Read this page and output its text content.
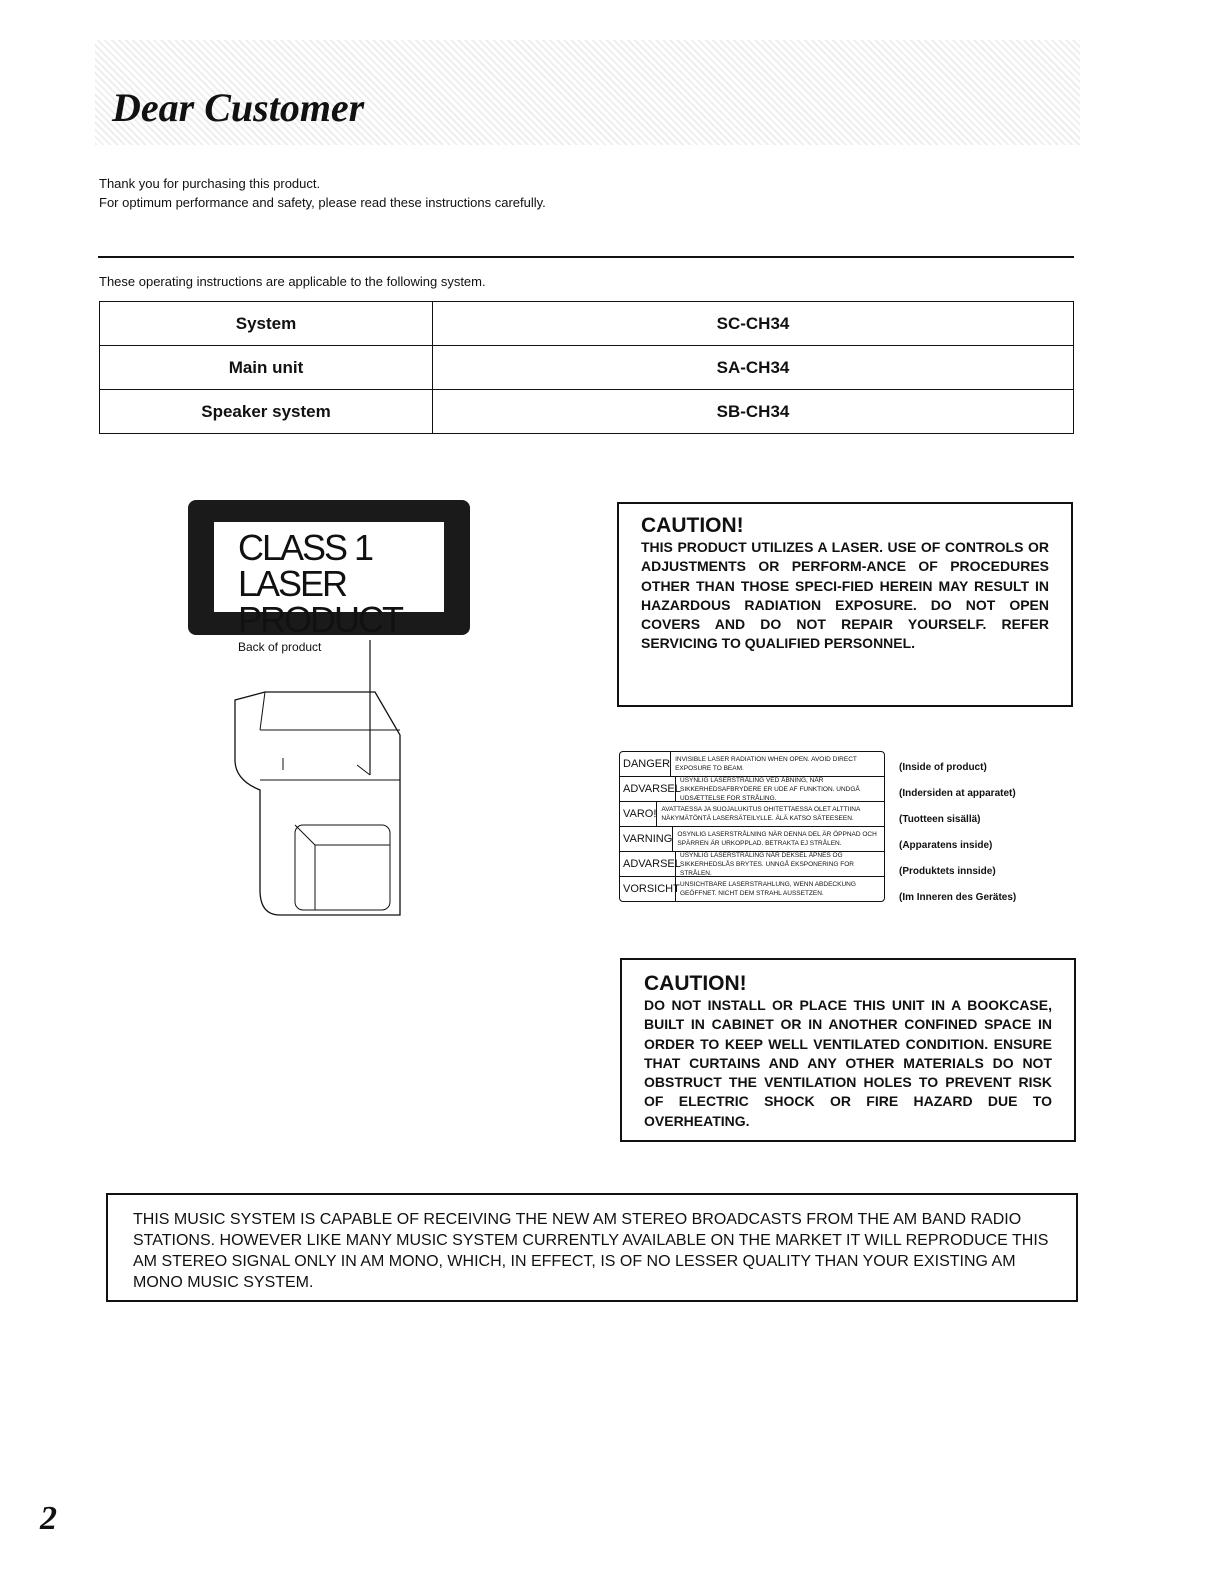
Dear Customer
Thank you for purchasing this product.
For optimum performance and safety, please read these instructions carefully.
These operating instructions are applicable to the following system.
System	SC-CH34
Main unit	SA-CH34
Speaker system	SB-CH34
CLASS 1
LASER PRODUCT
Back of product
CAUTION!
THIS PRODUCT UTILIZES A LASER. USE OF CONTROLS OR ADJUSTMENTS OR PERFORM-ANCE OF PROCEDURES OTHER THAN THOSE SPECI-FIED HEREIN MAY RESULT IN HAZARDOUS RADIATION EXPOSURE. DO NOT OPEN COVERS AND DO NOT REPAIR YOURSELF. REFER SERVICING TO QUALIFIED PERSONNEL.
DANGER INVISIBLE LASER RADIATION WHEN OPEN. AVOID DIRECT EXPOSURE TO BEAM.
ADVARSEL
USYNLIG LASERSTRÅLING VED ÅBNING, NÅR SIKKERHEDSAFBRYDERE ER UDE AF FUNKTION. UNDGÅ UDSÆTTELSE FOR STRÅLING.
VARO! AVATTAESSA JA SUOJALUKITUS OHITETTAESSA OLET ALTTIINA NÄKYMÄTÖNTÄ LASERSÄTEILYLLE. ÄLÄ KATSO SÄTEESEEN.
VARNING OSYNLIG LASERSTRÅLNING NÄR DENNA DEL ÄR ÖPPNAD OCH SPÄRREN ÄR URKOPPLAD. BETRAKTA EJ STRÅLEN.
ADVARSEL
USYNLIG LASERSTRÅLING NÅR DEKSEL ÅPNES OG SIKKERHEDSLÅS BRYTES. UNNGÅ EKSPONERING FOR STRÅLEN.
VORSICHT UNSICHTBARE LASERSTRAHLUNG, WENN ABDECKUNG GEÖFFNET. NICHT DEM STRAHL AUSSETZEN.
(Inside of product)
(Indersiden at apparatet)
(Tuotteen sisällä)
(Apparatens inside)
(Produktets innside)
(Im Inneren des Gerätes)
CAUTION!
DO NOT INSTALL OR PLACE THIS UNIT IN A BOOKCASE, BUILT IN CABINET OR IN ANOTHER CONFINED SPACE IN ORDER TO KEEP WELL VENTILATED CONDITION. ENSURE THAT CURTAINS AND ANY OTHER MATERIALS DO NOT OBSTRUCT THE VENTILATION HOLES TO PREVENT RISK OF ELECTRIC SHOCK OR FIRE HAZARD DUE TO OVERHEATING.
THIS MUSIC SYSTEM IS CAPABLE OF RECEIVING THE NEW AM STEREO BROADCASTS FROM THE AM BAND RADIO STATIONS. HOWEVER LIKE MANY MUSIC SYSTEM CURRENTLY AVAILABLE ON THE MARKET IT WILL REPRODUCE THIS AM STEREO SIGNAL ONLY IN AM MONO, WHICH, IN EFFECT, IS OF NO LESSER QUALITY THAN YOUR EXISTING AM MONO MUSIC SYSTEM.
2
